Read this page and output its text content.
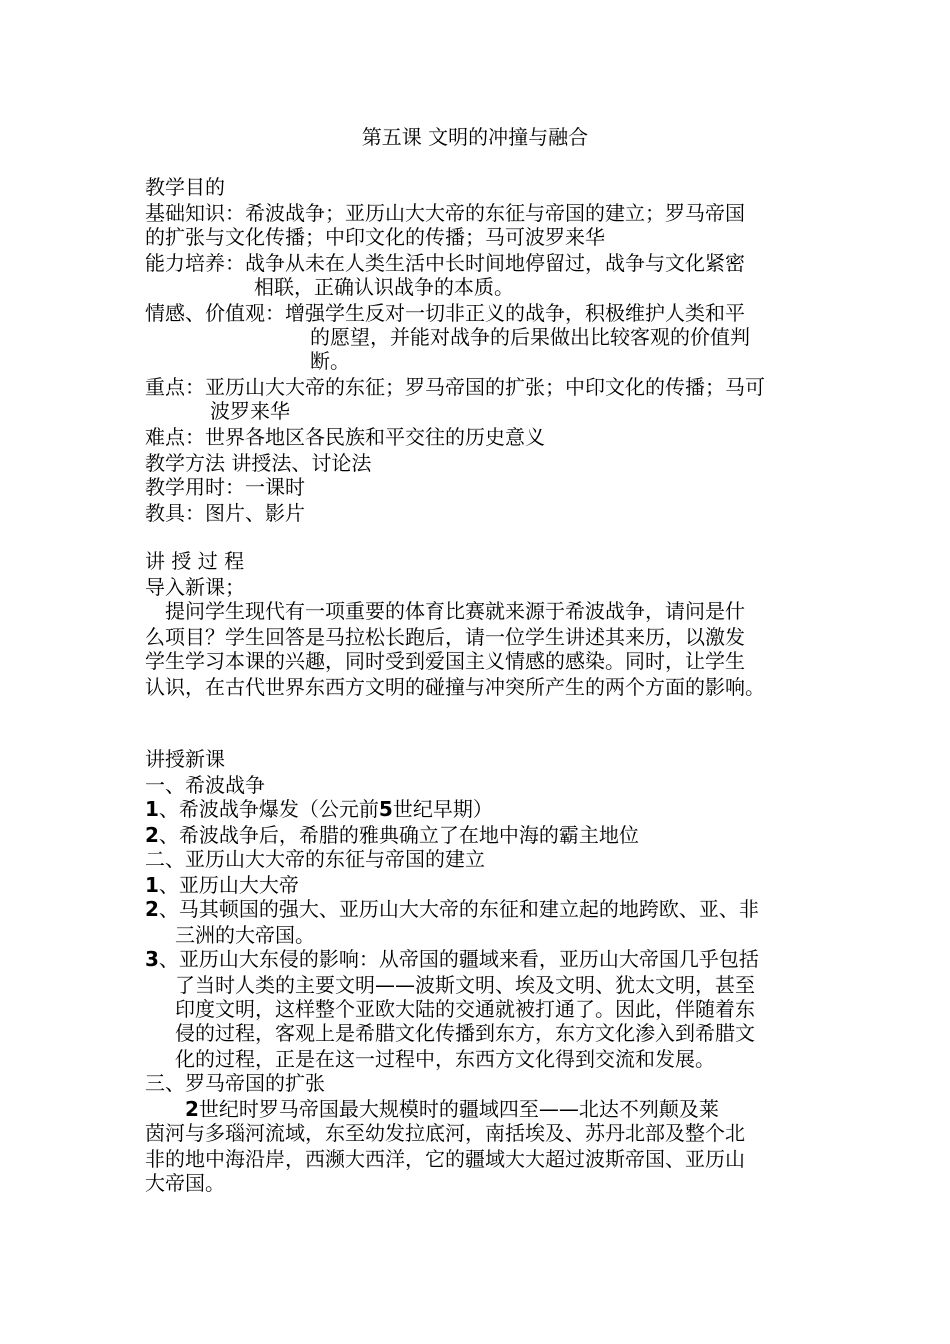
第五课 文明的冲撞与融合
教学目的
基础知识：希波战争；亚历山大大帝的东征与帝国的建立；罗马帝国
的扩张与文化传播；中印文化的传播；马可波罗来华
能力培养：战争从未在人类生活中长时间地停留过，战争与文化紧密
相联，正确认识战争的本质。
情感、价值观：增强学生反对一切非正义的战争，积极维护人类和平
的愿望，并能对战争的后果做出比较客观的价值判
断。
重点：亚历山大大帝的东征；罗马帝国的扩张；中印文化的传播；马可
波罗来华
难点：世界各地区各民族和平交往的历史意义
教学方法 讲授法、讨论法
教学用时：一课时
教具：图片、影片
讲 授 过 程
导入新课；
提问学生现代有一项重要的体育比赛就来源于希波战争，请问是什
么项目？学生回答是马拉松长跑后，请一位学生讲述其来历，以激发
学生学习本课的兴趣，同时受到爱国主义情感的感染。同时，让学生
认识，在古代世界东西方文明的碰撞与冲突所产生的两个方面的影响。
讲授新课
一、希波战争
1、希波战争爆发（公元前5世纪早期）
2、希波战争后，希腊的雅典确立了在地中海的霸主地位
二、亚历山大大帝的东征与帝国的建立
1、亚历山大大帝
2、马其顿国的强大、亚历山大大帝的东征和建立起的地跨欧、亚、非
三洲的大帝国。
3、亚历山大东侵的影响：从帝国的疆域来看，亚历山大帝国几乎包括
了当时人类的主要文明——波斯文明、埃及文明、犹太文明，甚至
印度文明，这样整个亚欧大陆的交通就被打通了。因此，伴随着东
侵的过程，客观上是希腊文化传播到东方，东方文化渗入到希腊文
化的过程，正是在这一过程中，东西方文化得到交流和发展。
三、罗马帝国的扩张
2世纪时罗马帝国最大规模时的疆域四至——北达不列颠及莱
茵河与多瑙河流域，东至幼发拉底河，南括埃及、苏丹北部及整个北
非的地中海沿岸，西濒大西洋，它的疆域大大超过波斯帝国、亚历山
大帝国。
